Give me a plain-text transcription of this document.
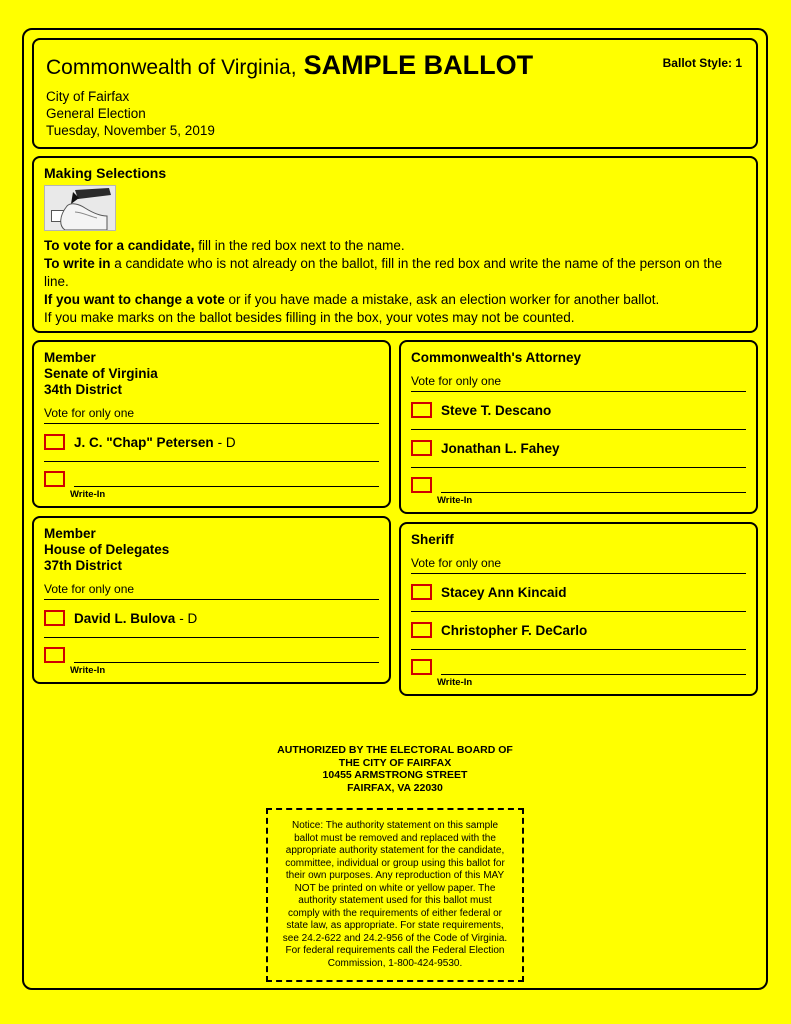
Commonwealth of Virginia, SAMPLE BALLOT	Ballot Style: 1
City of Fairfax
General Election
Tuesday, November 5, 2019
Making Selections
To vote for a candidate, fill in the red box next to the name.
To write in a candidate who is not already on the ballot, fill in the red box and write the name of the person on the line.
If you want to change a vote or if you have made a mistake, ask an election worker for another ballot.
If you make marks on the ballot besides filling in the box, your votes may not be counted.
Member
Senate of Virginia
34th District
Vote for only one
J. C. "Chap" Petersen - D
Write-In
Member
House of Delegates
37th District
Vote for only one
David L. Bulova - D
Write-In
Commonwealth's Attorney
Vote for only one
Steve T. Descano
Jonathan L. Fahey
Write-In
Sheriff
Vote for only one
Stacey Ann Kincaid
Christopher F. DeCarlo
Write-In
AUTHORIZED BY THE ELECTORAL BOARD OF
THE CITY OF FAIRFAX
10455 ARMSTRONG STREET
FAIRFAX, VA 22030
Notice: The authority statement on this sample ballot must be removed and replaced with the appropriate authority statement for the candidate, committee, individual or group using this ballot for their own purposes. Any reproduction of this MAY NOT be printed on white or yellow paper. The authority statement used for this ballot must comply with the requirements of either federal or state law, as appropriate. For state requirements, see 24.2-622 and 24.2-956 of the Code of Virginia. For federal requirements call the Federal Election Commission, 1-800-424-9530.
